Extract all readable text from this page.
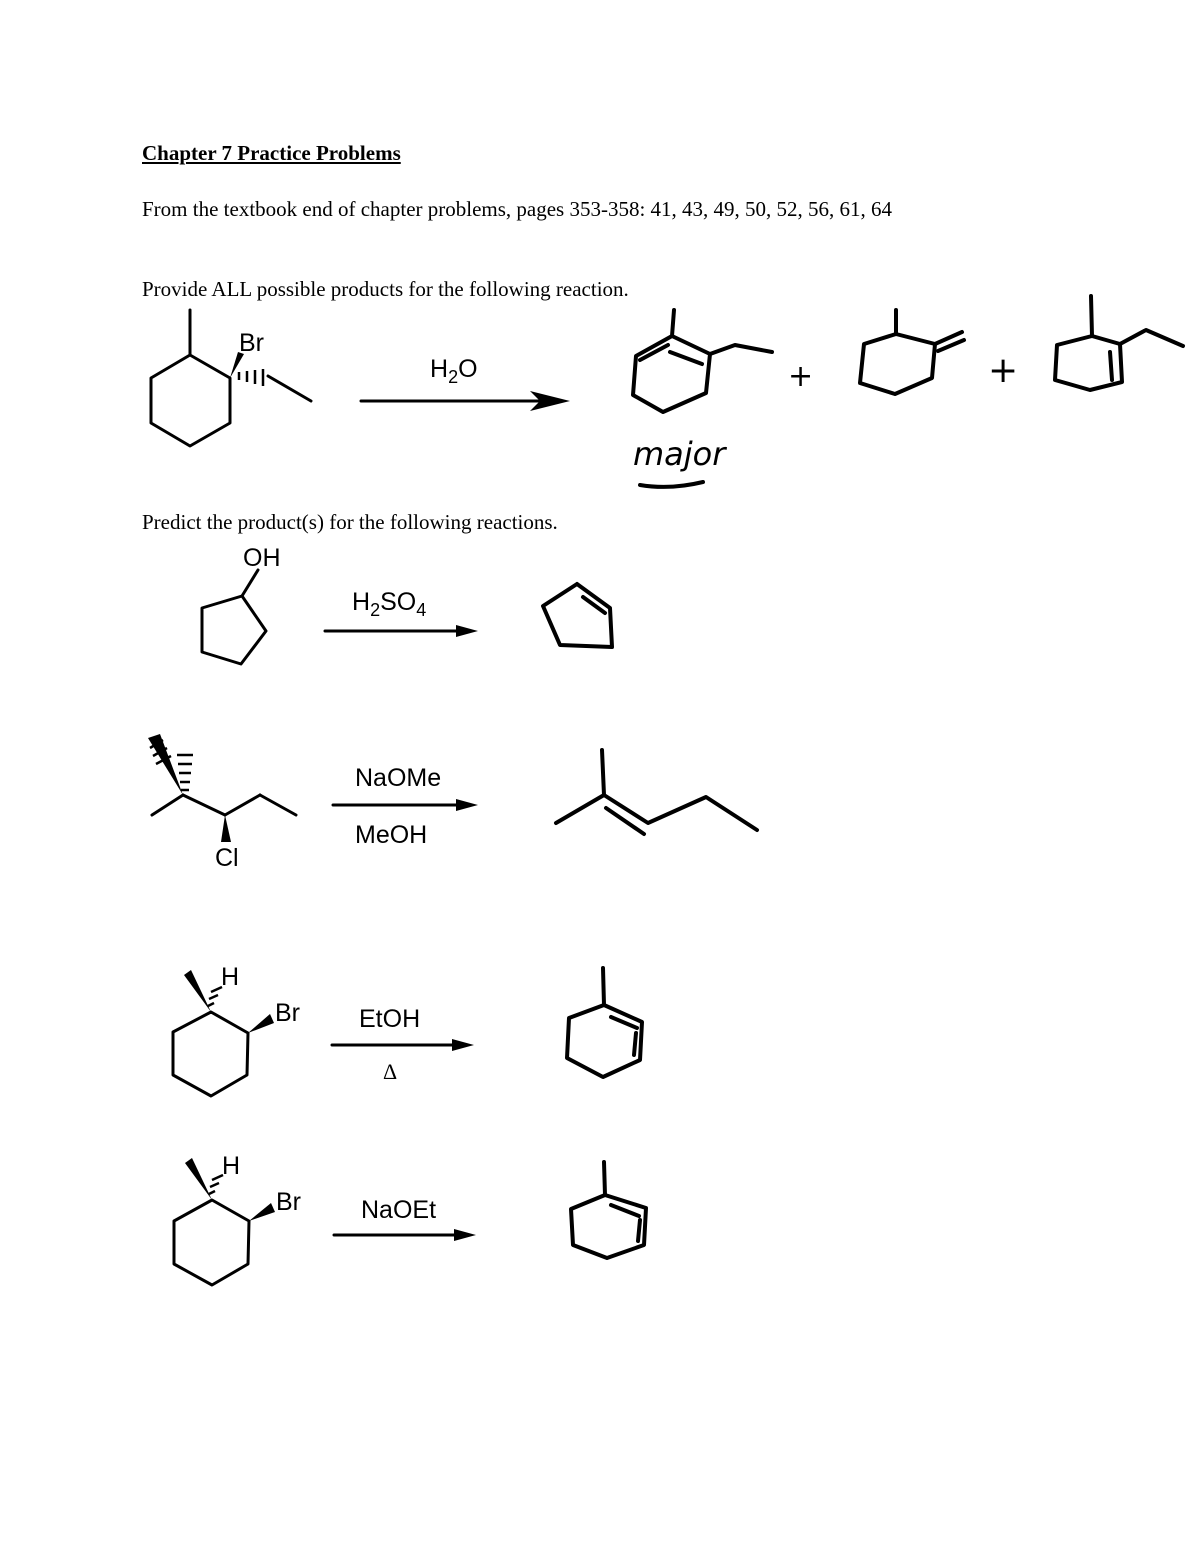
Chapter 7 Practice Problems
From the textbook end of chapter problems, pages 353-358: 41, 43, 49, 50, 52, 56, 61, 64
Provide ALL possible products for the following reaction.
Predict the product(s) for the following reactions.
Br
$H_2O$	+	+
major
OH
$H_2SO_4$
Cl
NaOMe
MeOH
H
Br EtOH
Δ
H
Br NaOEt
